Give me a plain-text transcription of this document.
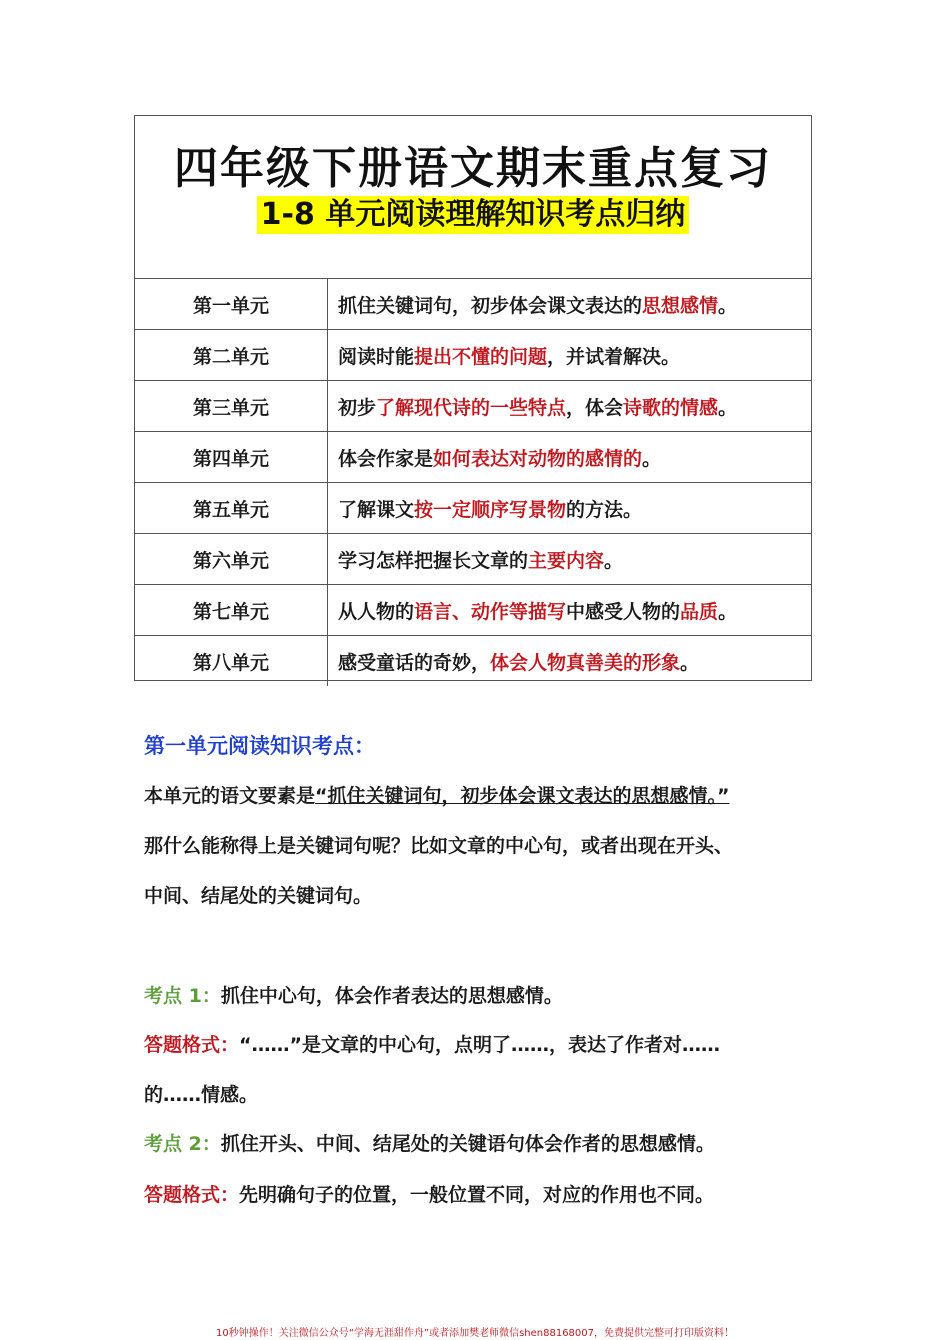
四年级下册语文期末重点复习
1-8 单元阅读理解知识考点归纳
第一单元	抓住关键词句，初步体会课文表达的思想感情。
第二单元	阅读时能提出不懂的问题，并试着解决。
第三单元	初步了解现代诗的一些特点，体会诗歌的情感。
第四单元	体会作家是如何表达对动物的感情的。
第五单元	了解课文按一定顺序写景物的方法。
第六单元	学习怎样把握长文章的主要内容。
第七单元	从人物的语言、动作等描写中感受人物的品质。
第八单元	感受童话的奇妙，体会人物真善美的形象。
第一单元阅读知识考点：
本单元的语文要素是“抓住关键词句，初步体会课文表达的思想感情。”
那什么能称得上是关键词句呢？比如文章的中心句，或者出现在开头、
中间、结尾处的关键词句。
考点 1：抓住中心句，体会作者表达的思想感情。
答题格式：“……”是文章的中心句，点明了……，表达了作者对……
的……情感。
考点 2：抓住开头、中间、结尾处的关键语句体会作者的思想感情。
答题格式：先明确句子的位置，一般位置不同，对应的作用也不同。
10秒钟操作！关注微信公众号“学海无涯甜作舟”或者添加樊老师微信shen88168007，免费提供完整可打印版资料！
